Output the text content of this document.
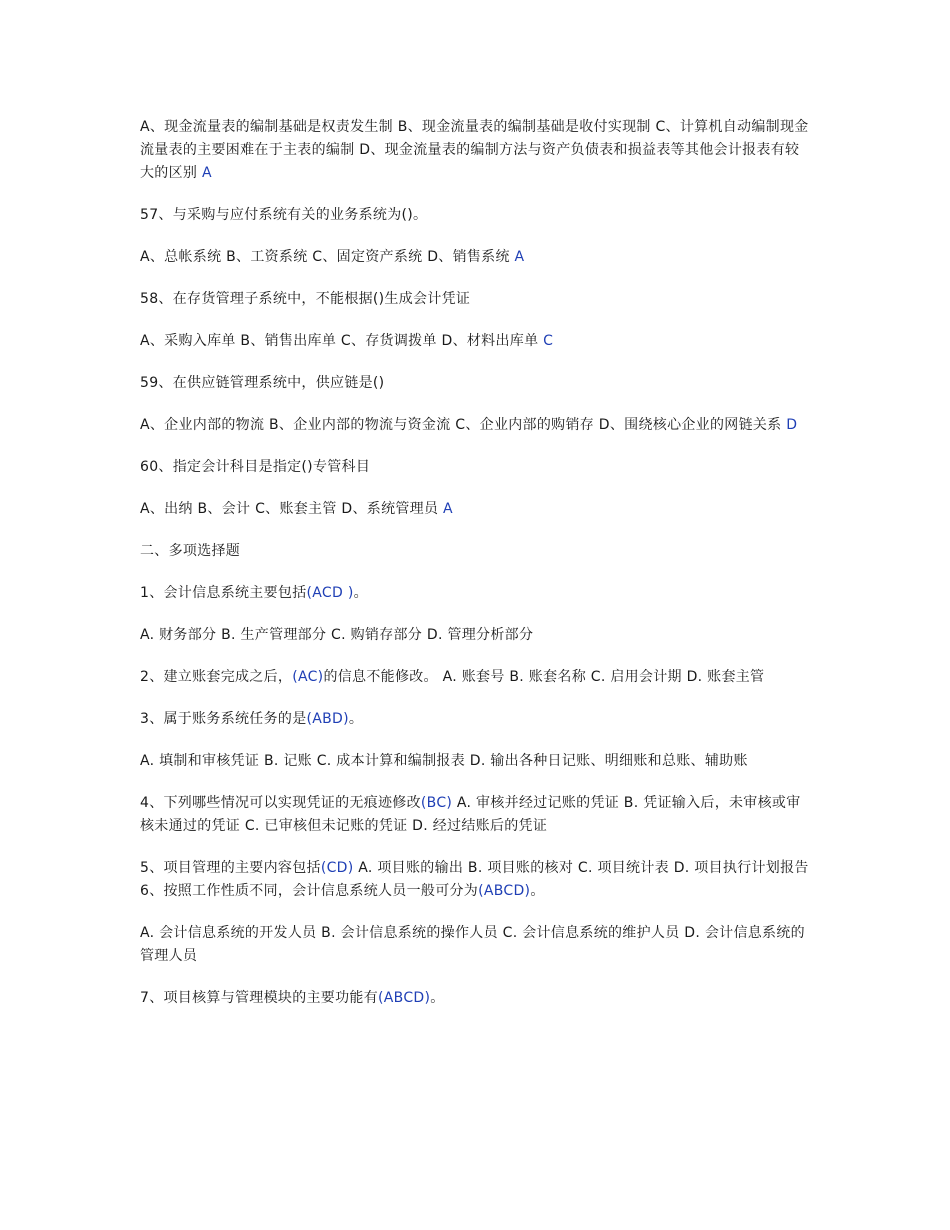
A、现金流量表的编制基础是权责发生制 B、现金流量表的编制基础是收付实现制 C、计算机自动编制现金流量表的主要困难在于主表的编制 D、现金流量表的编制方法与资产负债表和损益表等其他会计报表有较大的区别 A

57、与采购与应付系统有关的业务系统为()。

A、总帐系统 B、工资系统 C、固定资产系统 D、销售系统 A

58、在存货管理子系统中，不能根据()生成会计凭证

A、采购入库单 B、销售出库单 C、存货调拨单 D、材料出库单 C

59、在供应链管理系统中，供应链是()

A、企业内部的物流 B、企业内部的物流与资金流 C、企业内部的购销存 D、围绕核心企业的网链关系 D

60、指定会计科目是指定()专管科目

A、出纳 B、会计 C、账套主管 D、系统管理员 A

二、多项选择题

1、会计信息系统主要包括(ACD )。

A. 财务部分 B. 生产管理部分 C. 购销存部分 D. 管理分析部分

2、建立账套完成之后，(AC)的信息不能修改。 A. 账套号 B. 账套名称 C. 启用会计期 D. 账套主管

3、属于账务系统任务的是(ABD)。

A. 填制和审核凭证 B. 记账 C. 成本计算和编制报表 D. 输出各种日记账、明细账和总账、辅助账

4、下列哪些情况可以实现凭证的无痕迹修改(BC) A. 审核并经过记账的凭证 B. 凭证输入后，未审核或审核未通过的凭证 C. 已审核但未记账的凭证 D. 经过结账后的凭证

5、项目管理的主要内容包括(CD) A. 项目账的输出 B. 项目账的核对 C. 项目统计表 D. 项目执行计划报告 6、按照工作性质不同，会计信息系统人员一般可分为(ABCD)。

A. 会计信息系统的开发人员 B. 会计信息系统的操作人员 C. 会计信息系统的维护人员 D. 会计信息系统的管理人员

7、项目核算与管理模块的主要功能有(ABCD)。
